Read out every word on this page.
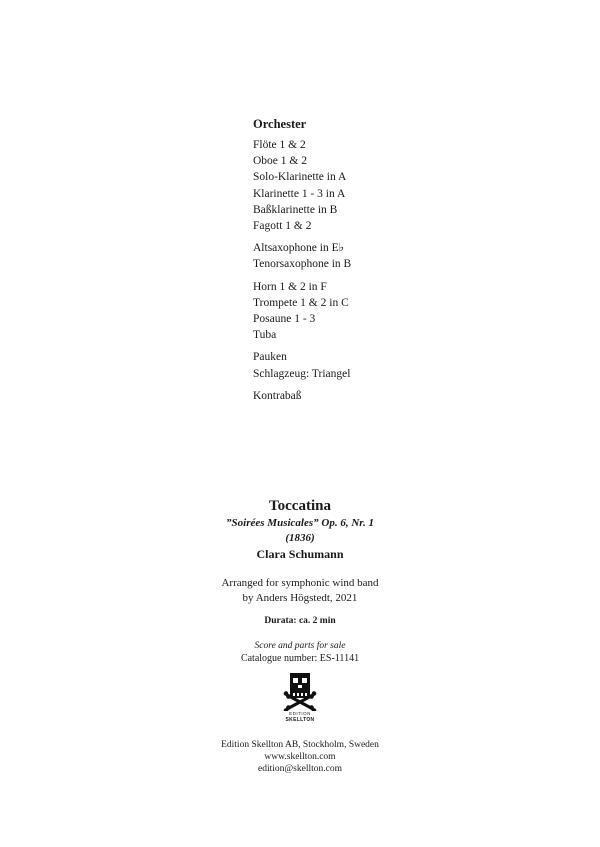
Orchester
Flöte 1 & 2
Oboe 1 & 2
Solo-Klarinette in A
Klarinette 1 - 3 in A
Baßklarinette in B
Fagott 1 & 2
Altsaxophone in E♭
Tenorsaxophone in B
Horn 1 & 2 in F
Trompete 1 & 2 in C
Posaune 1 - 3
Tuba
Pauken
Schlagzeug: Triangel
Kontrabaß
Toccatina
”Soirées Musicales” Op. 6, Nr. 1
(1836)
Clara Schumann
Arranged for symphonic wind band
by Anders Högstedt, 2021
Durata: ca. 2 min
Score and parts for sale
Catalogue number: ES-11141
EDITION
SKELLTON
Edition Skellton AB, Stockholm, Sweden
www.skellton.com
edition@skellton.com
